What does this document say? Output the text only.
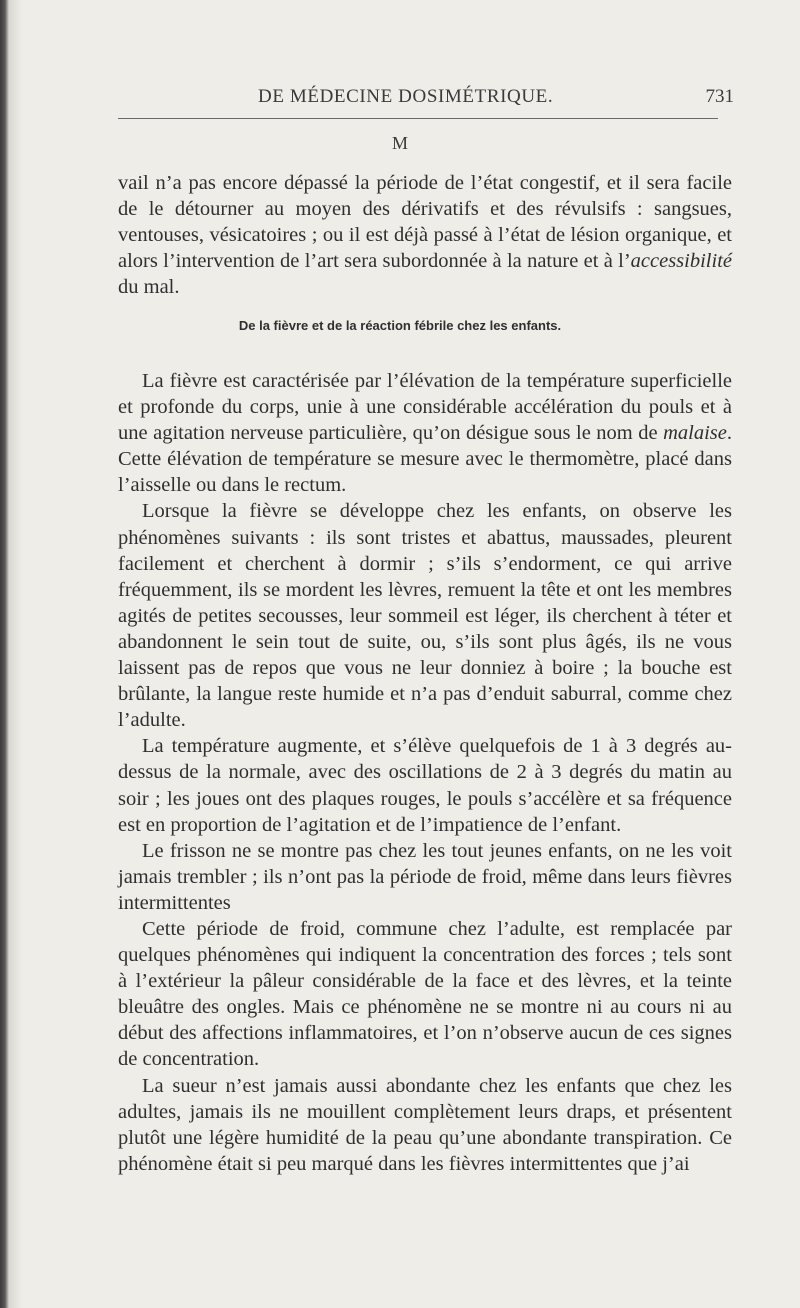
DE MÉDECINE DOSIMÉTRIQUE.	731
M

vail n’a pas encore dépassé la période de l’état congestif, et il sera facile de le détourner au moyen des dérivatifs et des révulsifs : sangsues, ventouses, vésicatoires ; ou il est déjà passé à l’état de lésion organique, et alors l’intervention de l’art sera subordonnée à la nature et à l’accessibilité du mal.

De la fièvre et de la réaction fébrile chez les enfants.

La fièvre est caractérisée par l’élévation de la température superficielle et profonde du corps, unie à une considérable accélération du pouls et à une agitation nerveuse particulière, qu’on désigue sous le nom de malaise. Cette élévation de température se mesure avec le thermomètre, placé dans l’aisselle ou dans le rectum.

Lorsque la fièvre se développe chez les enfants, on observe les phénomènes suivants : ils sont tristes et abattus, maussades, pleurent facilement et cherchent à dormir ; s’ils s’endorment, ce qui arrive fréquemment, ils se mordent les lèvres, remuent la tête et ont les membres agités de petites secousses, leur sommeil est léger, ils cherchent à téter et abandonnent le sein tout de suite, ou, s’ils sont plus âgés, ils ne vous laissent pas de repos que vous ne leur donniez à boire ; la bouche est brûlante, la langue reste humide et n’a pas d’enduit saburral, comme chez l’adulte.

La température augmente, et s’élève quelquefois de 1 à 3 degrés au-dessus de la normale, avec des oscillations de 2 à 3 degrés du matin au soir ; les joues ont des plaques rouges, le pouls s’accélère et sa fréquence est en proportion de l’agitation et de l’impatience de l’enfant.

Le frisson ne se montre pas chez les tout jeunes enfants, on ne les voit jamais trembler ; ils n’ont pas la période de froid, même dans leurs fièvres intermittentes

Cette période de froid, commune chez l’adulte, est remplacée par quelques phénomènes qui indiquent la concentration des forces ; tels sont à l’extérieur la pâleur considérable de la face et des lèvres, et la teinte bleuâtre des ongles. Mais ce phénomène ne se montre ni au cours ni au début des affections inflammatoires, et l’on n’observe aucun de ces signes de concentration.

La sueur n’est jamais aussi abondante chez les enfants que chez les adultes, jamais ils ne mouillent complètement leurs draps, et présentent plutôt une légère humidité de la peau qu’une abondante transpiration. Ce phénomène était si peu marqué dans les fièvres intermittentes que j’ai
